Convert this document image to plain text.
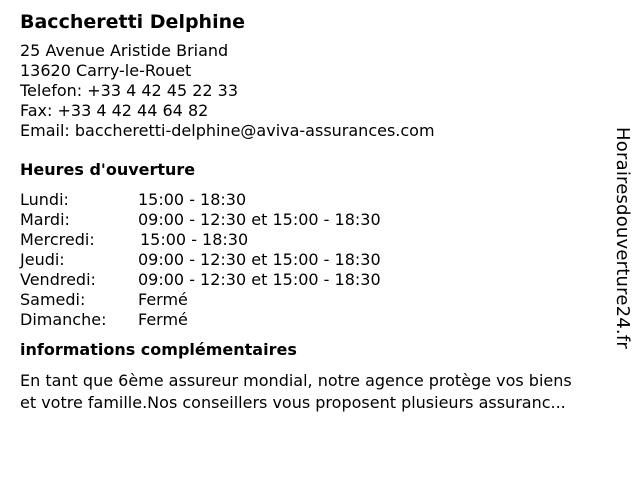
Baccheretti Delphine
25 Avenue Aristide Briand
13620 Carry-le-Rouet
Telefon: +33 4 42 45 22 33
Fax: +33 4 42 44 64 82
Email: baccheretti-delphine@aviva-assurances.com
Heures d'ouverture
Lundi:	15:00 - 18:30
Mardi:	09:00 - 12:30 et 15:00 - 18:30
Mercredi:	15:00 - 18:30
Jeudi:	09:00 - 12:30 et 15:00 - 18:30
Vendredi:	09:00 - 12:30 et 15:00 - 18:30
Samedi:	Fermé
Dimanche:	Fermé
informations complémentaires
En tant que 6ème assureur mondial, notre agence protège vos biens
et votre famille.Nos conseillers vous proposent plusieurs assuranc...
Horairesdouverture24.fr
